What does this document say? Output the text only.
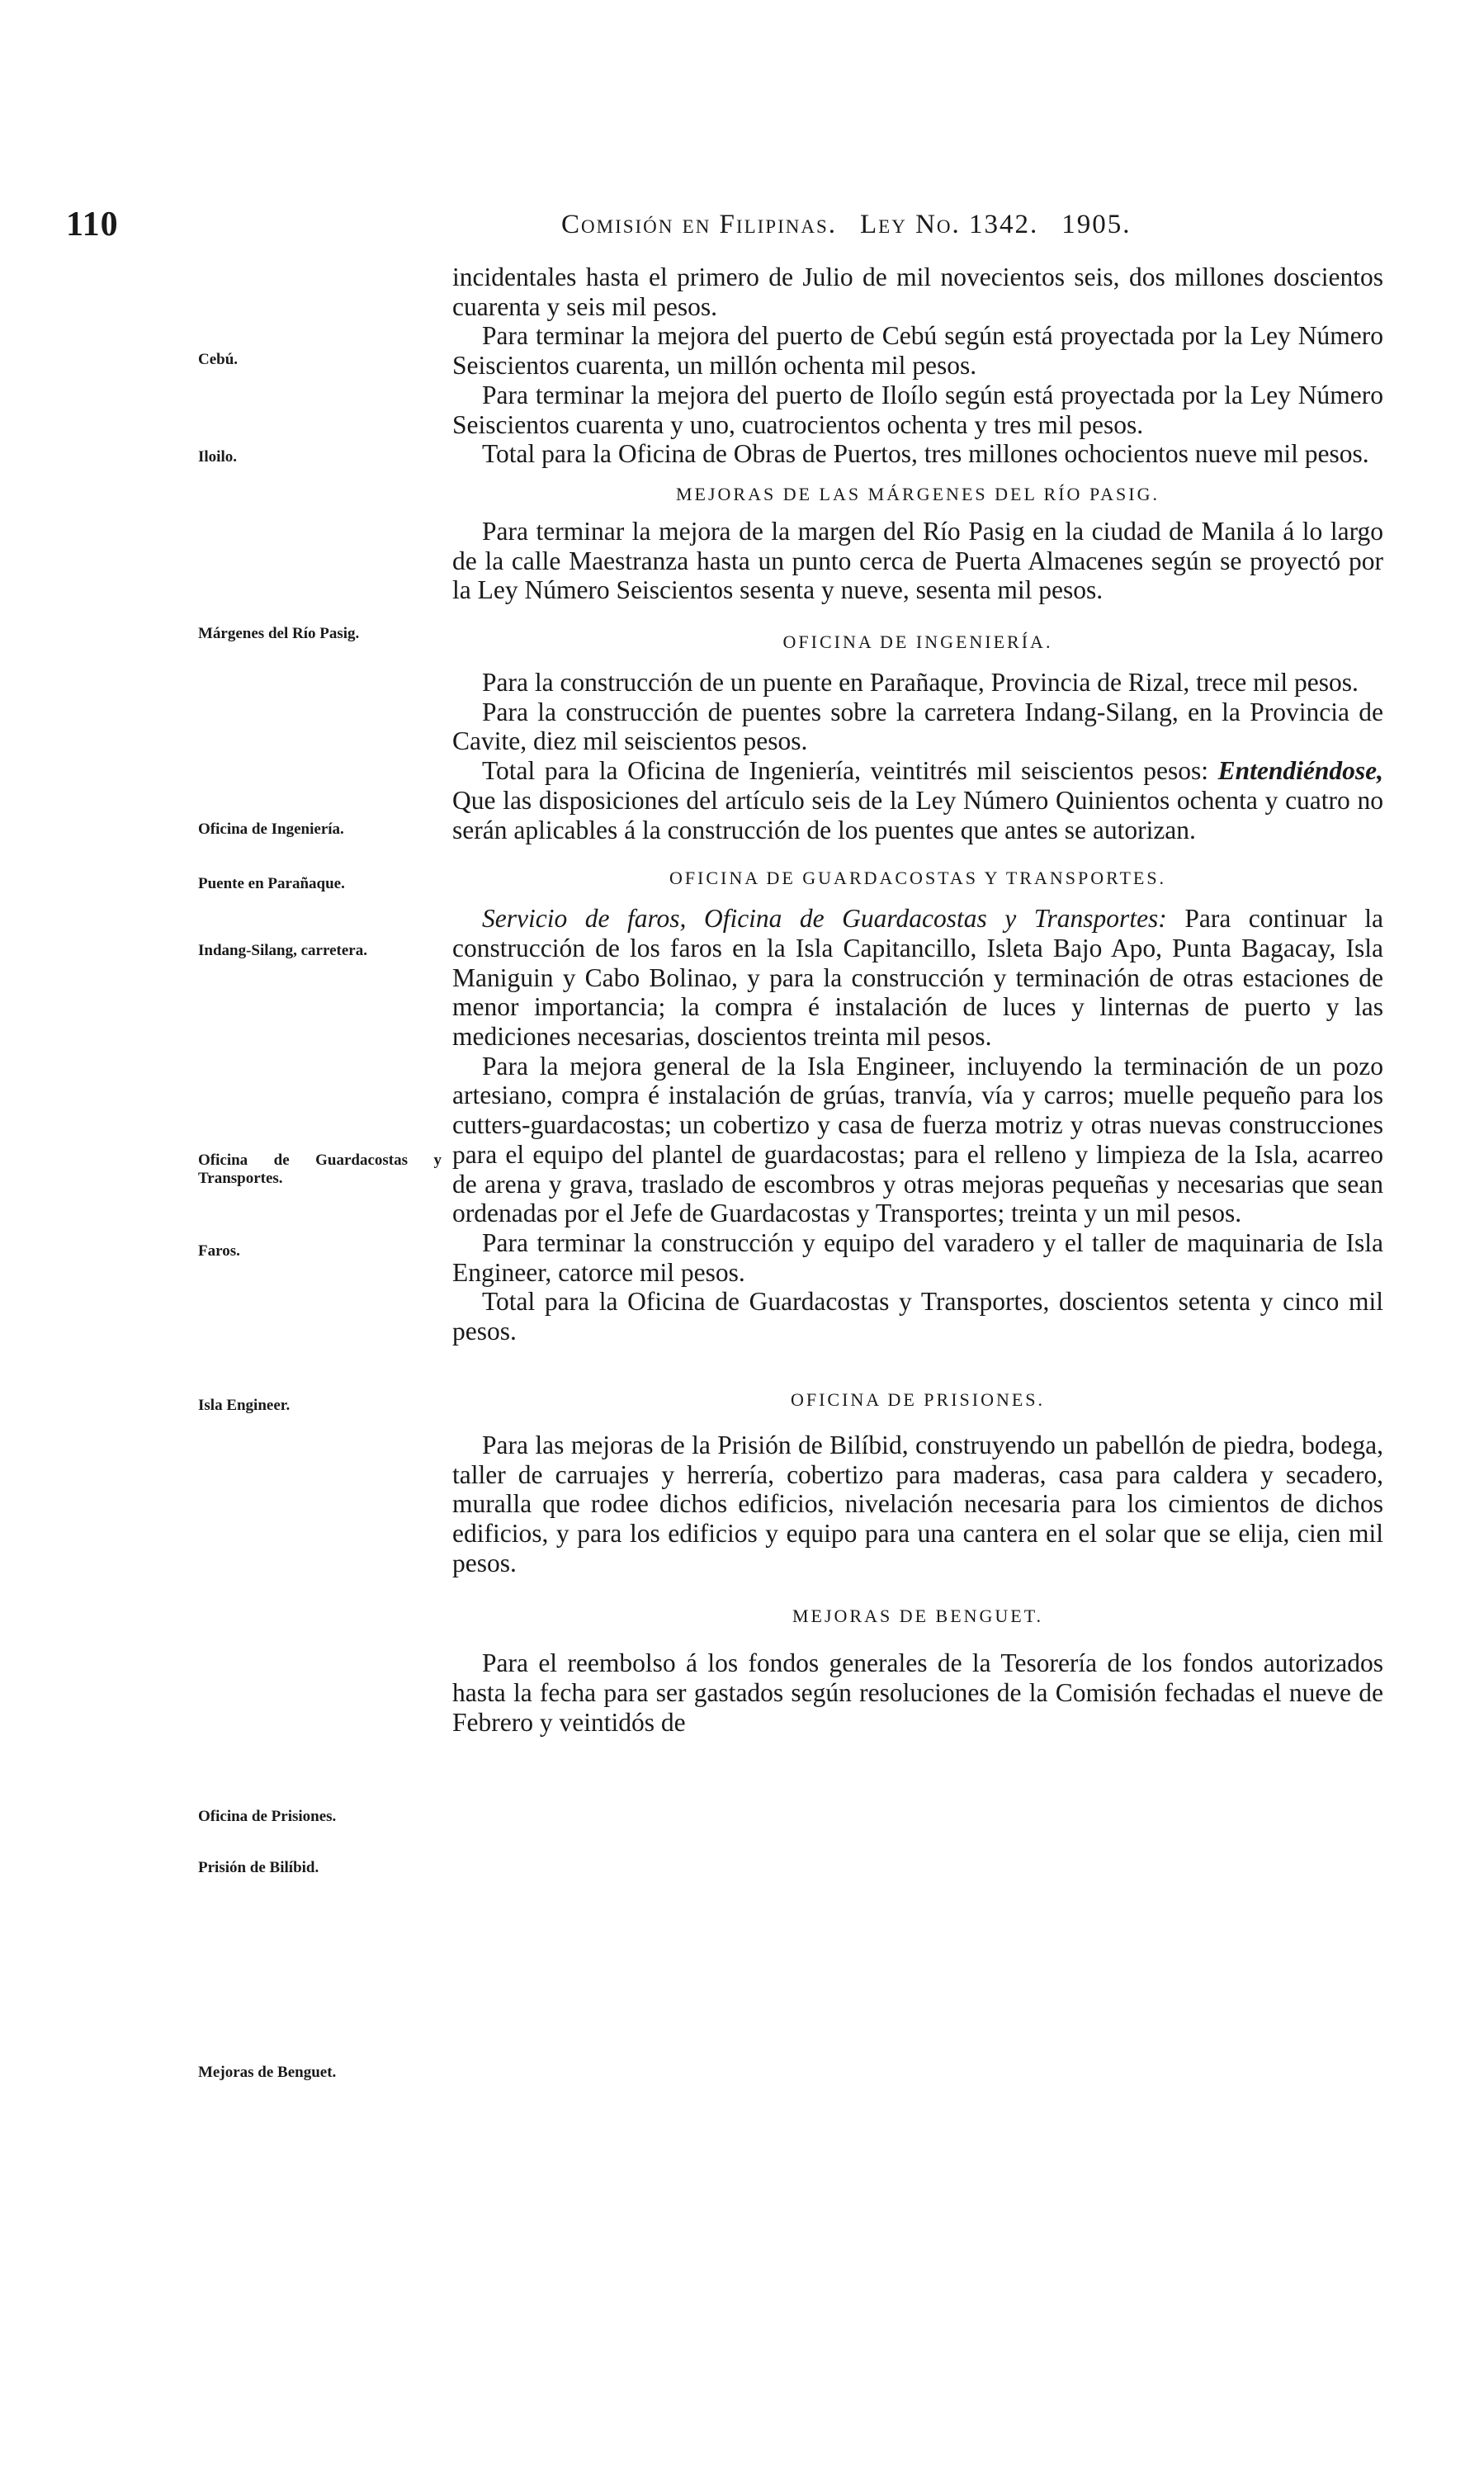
110	Comisión en Filipinas. Ley No. 1342. 1905.
Cebú.
Iloilo.
Márgenes del Río Pasig.
Oficina de Ingeniería.
Puente en Parañaque.
Indang-Silang, carretera.
Oficina de Guardacostas y Transportes.
Faros.
Isla Engineer.
Oficina de Prisiones.
Prisión de Bilíbid.
Mejoras de Benguet.

incidentales hasta el primero de Julio de mil novecientos seis, dos millones doscientos cuarenta y seis mil pesos.

Para terminar la mejora del puerto de Cebú según está proyectada por la Ley Número Seiscientos cuarenta, un millón ochenta mil pesos.

Para terminar la mejora del puerto de Iloílo según está proyectada por la Ley Número Seiscientos cuarenta y uno, cuatrocientos ochenta y tres mil pesos.

Total para la Oficina de Obras de Puertos, tres millones ochocientos nueve mil pesos.

MEJORAS DE LAS MÁRGENES DEL RÍO PASIG.

Para terminar la mejora de la margen del Río Pasig en la ciudad de Manila á lo largo de la calle Maestranza hasta un punto cerca de Puerta Almacenes según se proyectó por la Ley Número Seiscientos sesenta y nueve, sesenta mil pesos.

OFICINA DE INGENIERÍA.

Para la construcción de un puente en Parañaque, Provincia de Rizal, trece mil pesos.

Para la construcción de puentes sobre la carretera Indang-Silang, en la Provincia de Cavite, diez mil seiscientos pesos.

Total para la Oficina de Ingeniería, veintitrés mil seiscientos pesos: Entendiéndose, Que las disposiciones del artículo seis de la Ley Número Quinientos ochenta y cuatro no serán aplicables á la construcción de los puentes que antes se autorizan.

OFICINA DE GUARDACOSTAS Y TRANSPORTES.

Servicio de faros, Oficina de Guardacostas y Transportes: Para continuar la construcción de los faros en la Isla Capitancillo, Isleta Bajo Apo, Punta Bagacay, Isla Maniguin y Cabo Bolinao, y para la construcción y terminación de otras estaciones de menor importancia; la compra é instalación de luces y linternas de puerto y las mediciones necesarias, doscientos treinta mil pesos.

Para la mejora general de la Isla Engineer, incluyendo la terminación de un pozo artesiano, compra é instalación de grúas, tranvía, vía y carros; muelle pequeño para los cutters-guardacostas; un cobertizo y casa de fuerza motriz y otras nuevas construcciones para el equipo del plantel de guardacostas; para el relleno y limpieza de la Isla, acarreo de arena y grava, traslado de escombros y otras mejoras pequeñas y necesarias que sean ordenadas por el Jefe de Guardacostas y Transportes; treinta y un mil pesos.

Para terminar la construcción y equipo del varadero y el taller de maquinaria de Isla Engineer, catorce mil pesos.

Total para la Oficina de Guardacostas y Transportes, doscientos setenta y cinco mil pesos.

OFICINA DE PRISIONES.

Para las mejoras de la Prisión de Bilíbid, construyendo un pabellón de piedra, bodega, taller de carruajes y herrería, cobertizo para maderas, casa para caldera y secadero, muralla que rodee dichos edificios, nivelación necesaria para los cimientos de dichos edificios, y para los edificios y equipo para una cantera en el solar que se elija, cien mil pesos.

MEJORAS DE BENGUET.

Para el reembolso á los fondos generales de la Tesorería de los fondos autorizados hasta la fecha para ser gastados según resoluciones de la Comisión fechadas el nueve de Febrero y veintidós de
